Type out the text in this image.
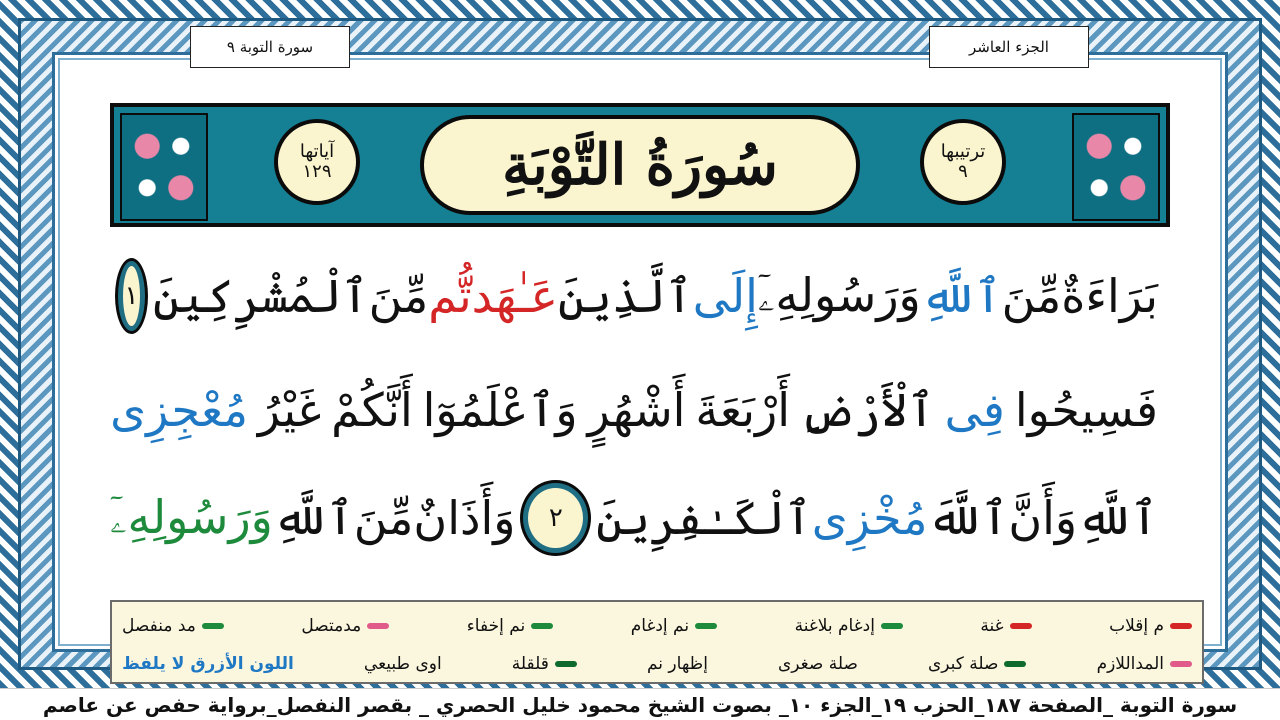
سورة التوبة ٩	الجزء العاشر
آياتها
١٢٩	سُورَةُ التَّوْبَةِ	ترتيبها
٩
بَرَاءَةٌ
مِّنَ
ٱللَّهِ
وَرَسُولِهِۦٓ
إِلَى
ٱلَّذِينَ
عَـٰهَدتُّم
مِّنَ
ٱلْمُشْرِكِينَ
١
فَسِيحُوا
فِى
ٱلْأَرْضِ
أَرْبَعَةَ
أَشْهُرٍ
وَٱعْلَمُوٓا
أَنَّكُمْ
غَيْرُ
مُعْجِزِى
ٱللَّهِ
وَأَنَّ
ٱللَّهَ
مُخْزِى
ٱلْكَـٰفِرِينَ
٢
وَأَذَانٌ
مِّنَ
ٱللَّهِ
وَرَسُولِهِۦٓ
م إقلاب
غنة
إدغام بلاغنة
نم إدغام
نم إخفاء
مدمتصل
مد منفصل
المداللازم
صلة كبرى
صلة صغرى
إظهار نم
قلقلة
اوى طبيعي
اللون الأزرق لا يلفظ
سورة التوبة _الصفحة ١٨٧_الحزب ١٩_الجزء ١٠_ بصوت الشيخ محمود خليل الحصري _ بقصر النفصل_برواية حفص عن عاصم
